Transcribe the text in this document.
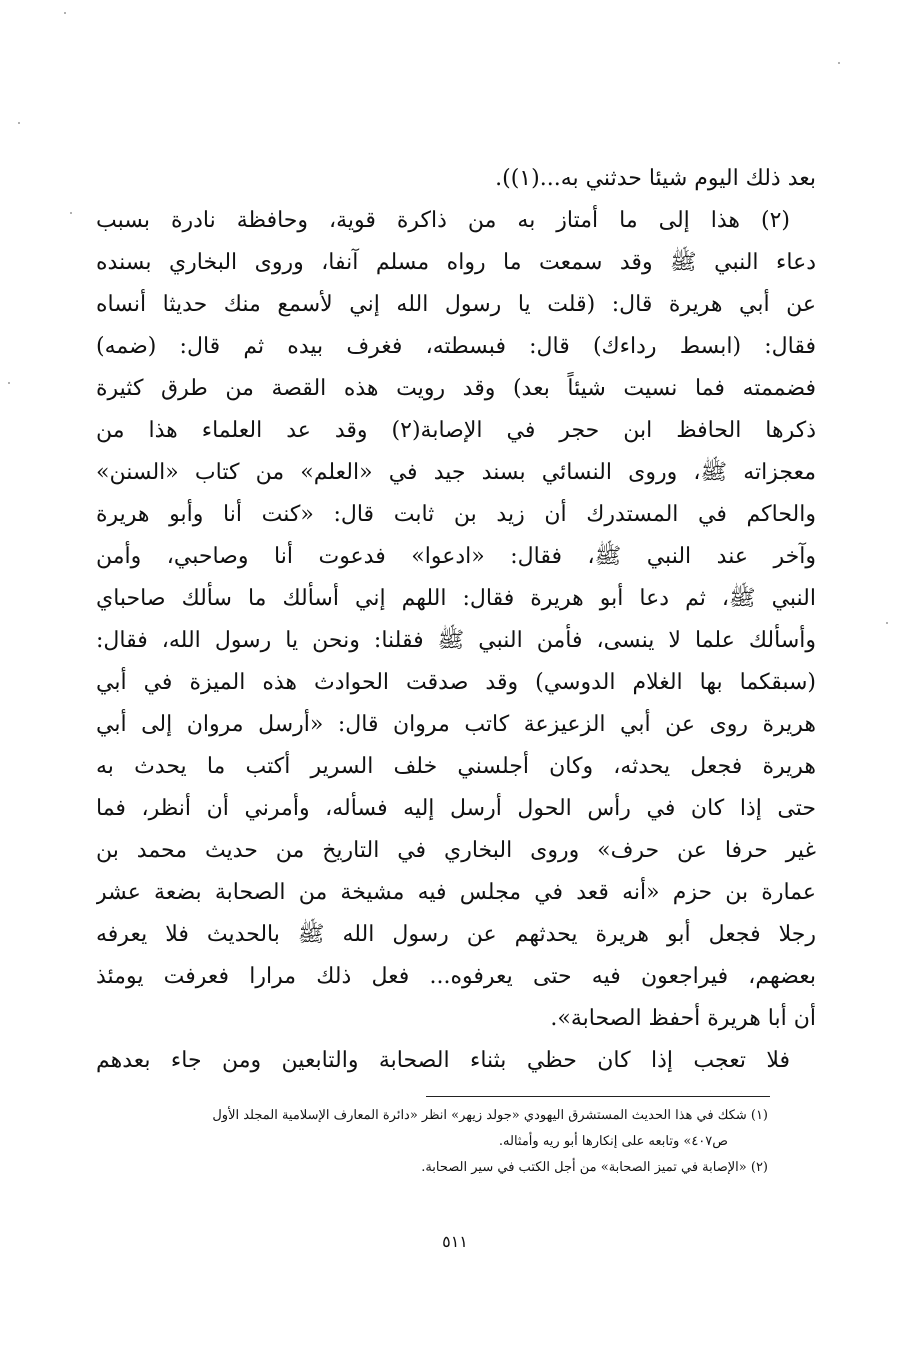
بعد ذلك اليوم شيئا حدثني به...(١)).
(٢) هذا إلى ما أمتاز به من ذاكرة قوية، وحافظة نادرة بسبب
دعاء النبي ﷺ وقد سمعت ما رواه مسلم آنفا، وروى البخاري بسنده
عن أبي هريرة قال: (قلت يا رسول الله إني لأسمع منك حديثا أنساه
فقال: (ابسط رداءك) قال: فبسطته، فغرف بيده ثم قال: (ضمه)
فضممته فما نسيت شيئاً بعد) وقد رويت هذه القصة من طرق كثيرة
ذكرها الحافظ ابن حجر في الإصابة(٢) وقد عد العلماء هذا من
معجزاته ﷺ، وروى النسائي بسند جيد في «العلم» من كتاب «السنن»
والحاكم في المستدرك أن زيد بن ثابت قال: «كنت أنا وأبو هريرة
وآخر عند النبي ﷺ، فقال: «ادعوا» فدعوت أنا وصاحبي، وأمن
النبي ﷺ، ثم دعا أبو هريرة فقال: اللهم إني أسألك ما سألك صاحباي
وأسألك علما لا ينسى، فأمن النبي ﷺ فقلنا: ونحن يا رسول الله، فقال:
(سبقكما بها الغلام الدوسي) وقد صدقت الحوادث هذه الميزة في أبي
هريرة روى عن أبي الزعيزعة كاتب مروان قال: «أرسل مروان إلى أبي
هريرة فجعل يحدثه، وكان أجلسني خلف السرير أكتب ما يحدث به
حتى إذا كان في رأس الحول أرسل إليه فسأله، وأمرني أن أنظر، فما
غير حرفا عن حرف» وروى البخاري في التاريخ من حديث محمد بن
عمارة بن حزم «أنه قعد في مجلس فيه مشيخة من الصحابة بضعة عشر
رجلا فجعل أبو هريرة يحدثهم عن رسول الله ﷺ بالحديث فلا يعرفه
بعضهم، فيراجعون فيه حتى يعرفوه... فعل ذلك مرارا فعرفت يومئذ
أن أبا هريرة أحفظ الصحابة».
فلا تعجب إذا كان حظي بثناء الصحابة والتابعين ومن جاء بعدهم
(١) شكك في هذا الحديث المستشرق اليهودي «جولد زيهر» انظر «دائرة المعارف الإسلامية المجلد الأول
ص٤٠٧» وتابعه على إنكارها أبو ريه وأمثاله.
(٢) «الإصابة في تميز الصحابة» من أجل الكتب في سير الصحابة.
٥١١
